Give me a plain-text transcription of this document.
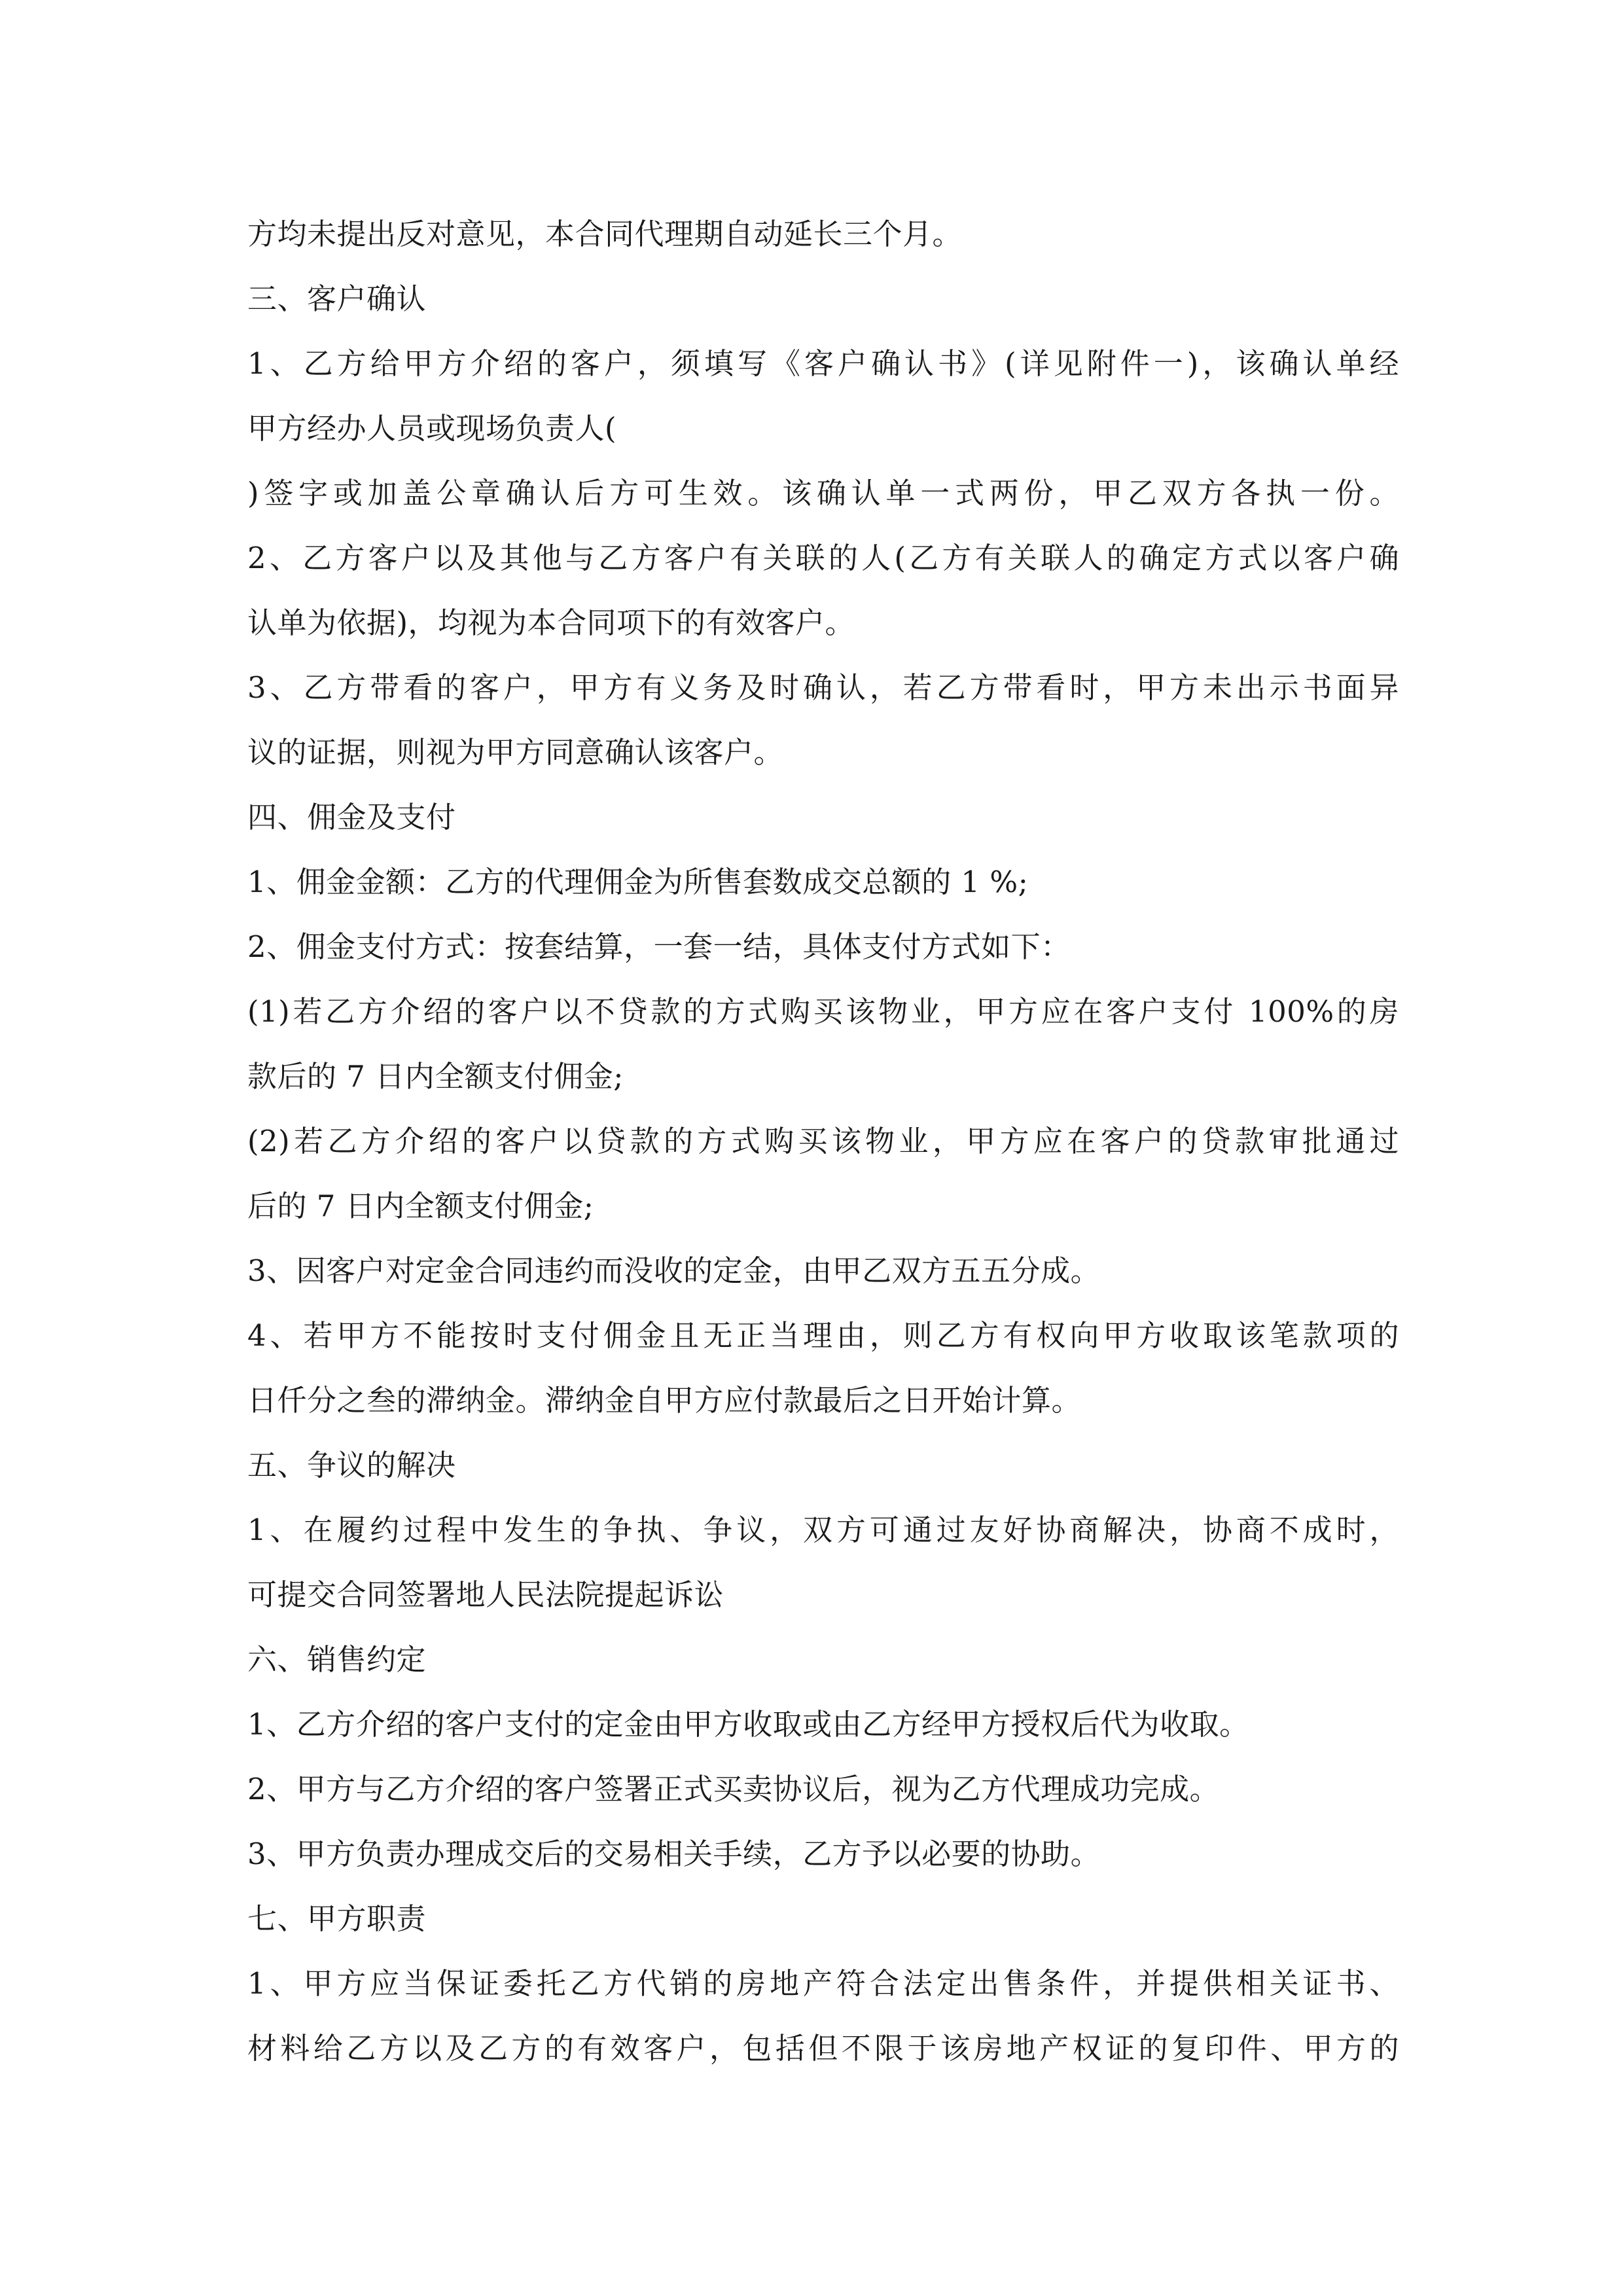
方均未提出反对意见，本合同代理期自动延长三个月。
三、客户确认
1、乙方给甲方介绍的客户，须填写《客户确认书》(详见附件一)，该确认单经
甲方经办人员或现场负责人(
)签字或加盖公章确认后方可生效。该确认单一式两份，甲乙双方各执一份。
2、乙方客户以及其他与乙方客户有关联的人(乙方有关联人的确定方式以客户确
认单为依据)，均视为本合同项下的有效客户。
3、乙方带看的客户，甲方有义务及时确认，若乙方带看时，甲方未出示书面异
议的证据，则视为甲方同意确认该客户。
四、佣金及支付
1、佣金金额：乙方的代理佣金为所售套数成交总额的 1 %;
2、佣金支付方式：按套结算，一套一结，具体支付方式如下：
(1)若乙方介绍的客户以不贷款的方式购买该物业，甲方应在客户支付 100%的房
款后的 7 日内全额支付佣金;
(2)若乙方介绍的客户以贷款的方式购买该物业，甲方应在客户的贷款审批通过
后的 7 日内全额支付佣金;
3、因客户对定金合同违约而没收的定金，由甲乙双方五五分成。
4、若甲方不能按时支付佣金且无正当理由，则乙方有权向甲方收取该笔款项的
日仟分之叁的滞纳金。滞纳金自甲方应付款最后之日开始计算。
五、争议的解决
1、在履约过程中发生的争执、争议，双方可通过友好协商解决，协商不成时，
可提交合同签署地人民法院提起诉讼
六、销售约定
1、乙方介绍的客户支付的定金由甲方收取或由乙方经甲方授权后代为收取。
2、甲方与乙方介绍的客户签署正式买卖协议后，视为乙方代理成功完成。
3、甲方负责办理成交后的交易相关手续，乙方予以必要的协助。
七、甲方职责
1、甲方应当保证委托乙方代销的房地产符合法定出售条件，并提供相关证书、
材料给乙方以及乙方的有效客户，包括但不限于该房地产权证的复印件、甲方的
